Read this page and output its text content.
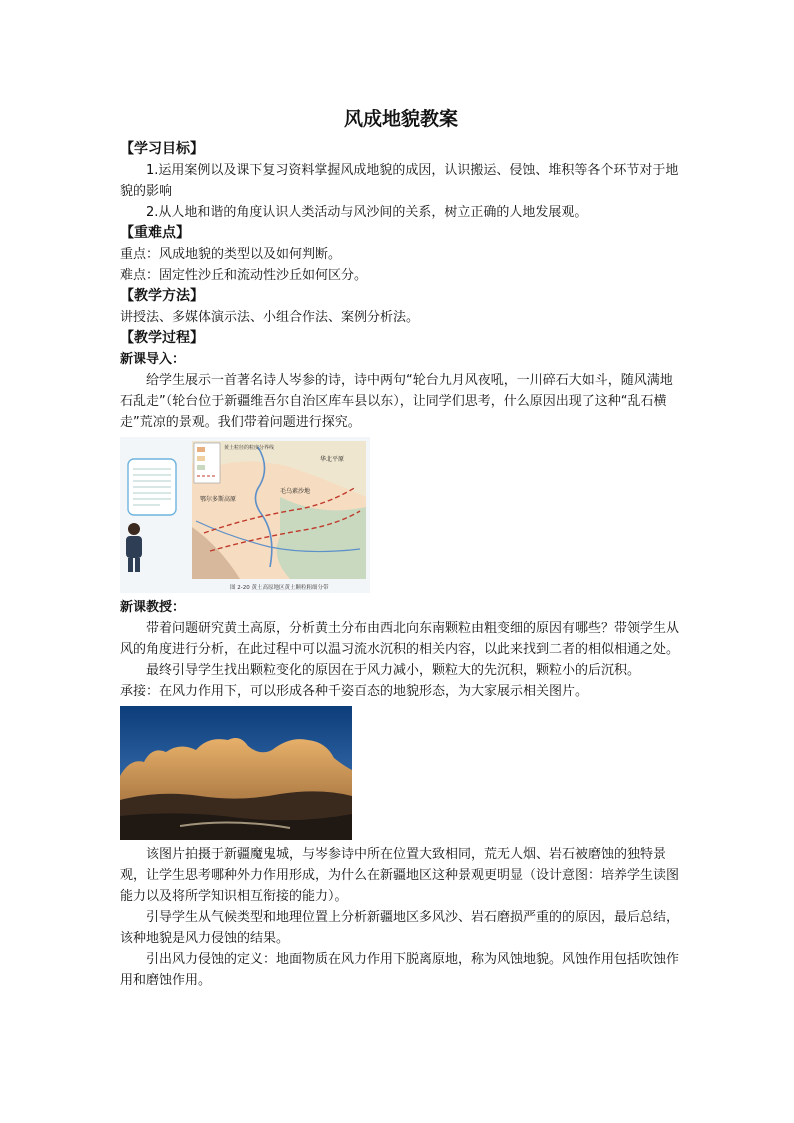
风成地貌教案

【学习目标】

1.运用案例以及课下复习资料掌握风成地貌的成因，认识搬运、侵蚀、堆积等各个环节对于地貌的影响

2.从人地和谐的角度认识人类活动与风沙间的关系，树立正确的人地发展观。

【重难点】

重点：风成地貌的类型以及如何判断。

难点：固定性沙丘和流动性沙丘如何区分。

【教学方法】

讲授法、多媒体演示法、小组合作法、案例分析法。

【教学过程】

新课导入：

给学生展示一首著名诗人岑参的诗，诗中两句“轮台九月风夜吼，一川碎石大如斗，随风满地石乱走”（轮台位于新疆维吾尔自治区库车县以东），让同学们思考，什么原因出现了这种“乱石横走”荒凉的景观。我们带着问题进行探究。

黄土粒径的粒度分界线
鄂尔多斯高原
毛乌素沙地
华北平原
图 2-20 黄土高原地区黄土颗粒粗细分带

新课教授：

带着问题研究黄土高原，分析黄土分布由西北向东南颗粒由粗变细的原因有哪些？带领学生从风的角度进行分析，在此过程中可以温习流水沉积的相关内容，以此来找到二者的相似相通之处。

最终引导学生找出颗粒变化的原因在于风力减小，颗粒大的先沉积，颗粒小的后沉积。

承接：在风力作用下，可以形成各种千姿百态的地貌形态，为大家展示相关图片。

该图片拍摄于新疆魔鬼城，与岑参诗中所在位置大致相同，荒无人烟、岩石被磨蚀的独特景观，让学生思考哪种外力作用形成，为什么在新疆地区这种景观更明显（设计意图：培养学生读图能力以及将所学知识相互衔接的能力）。

引导学生从气候类型和地理位置上分析新疆地区多风沙、岩石磨损严重的的原因，最后总结，该种地貌是风力侵蚀的结果。

引出风力侵蚀的定义：地面物质在风力作用下脱离原地，称为风蚀地貌。风蚀作用包括吹蚀作用和磨蚀作用。
